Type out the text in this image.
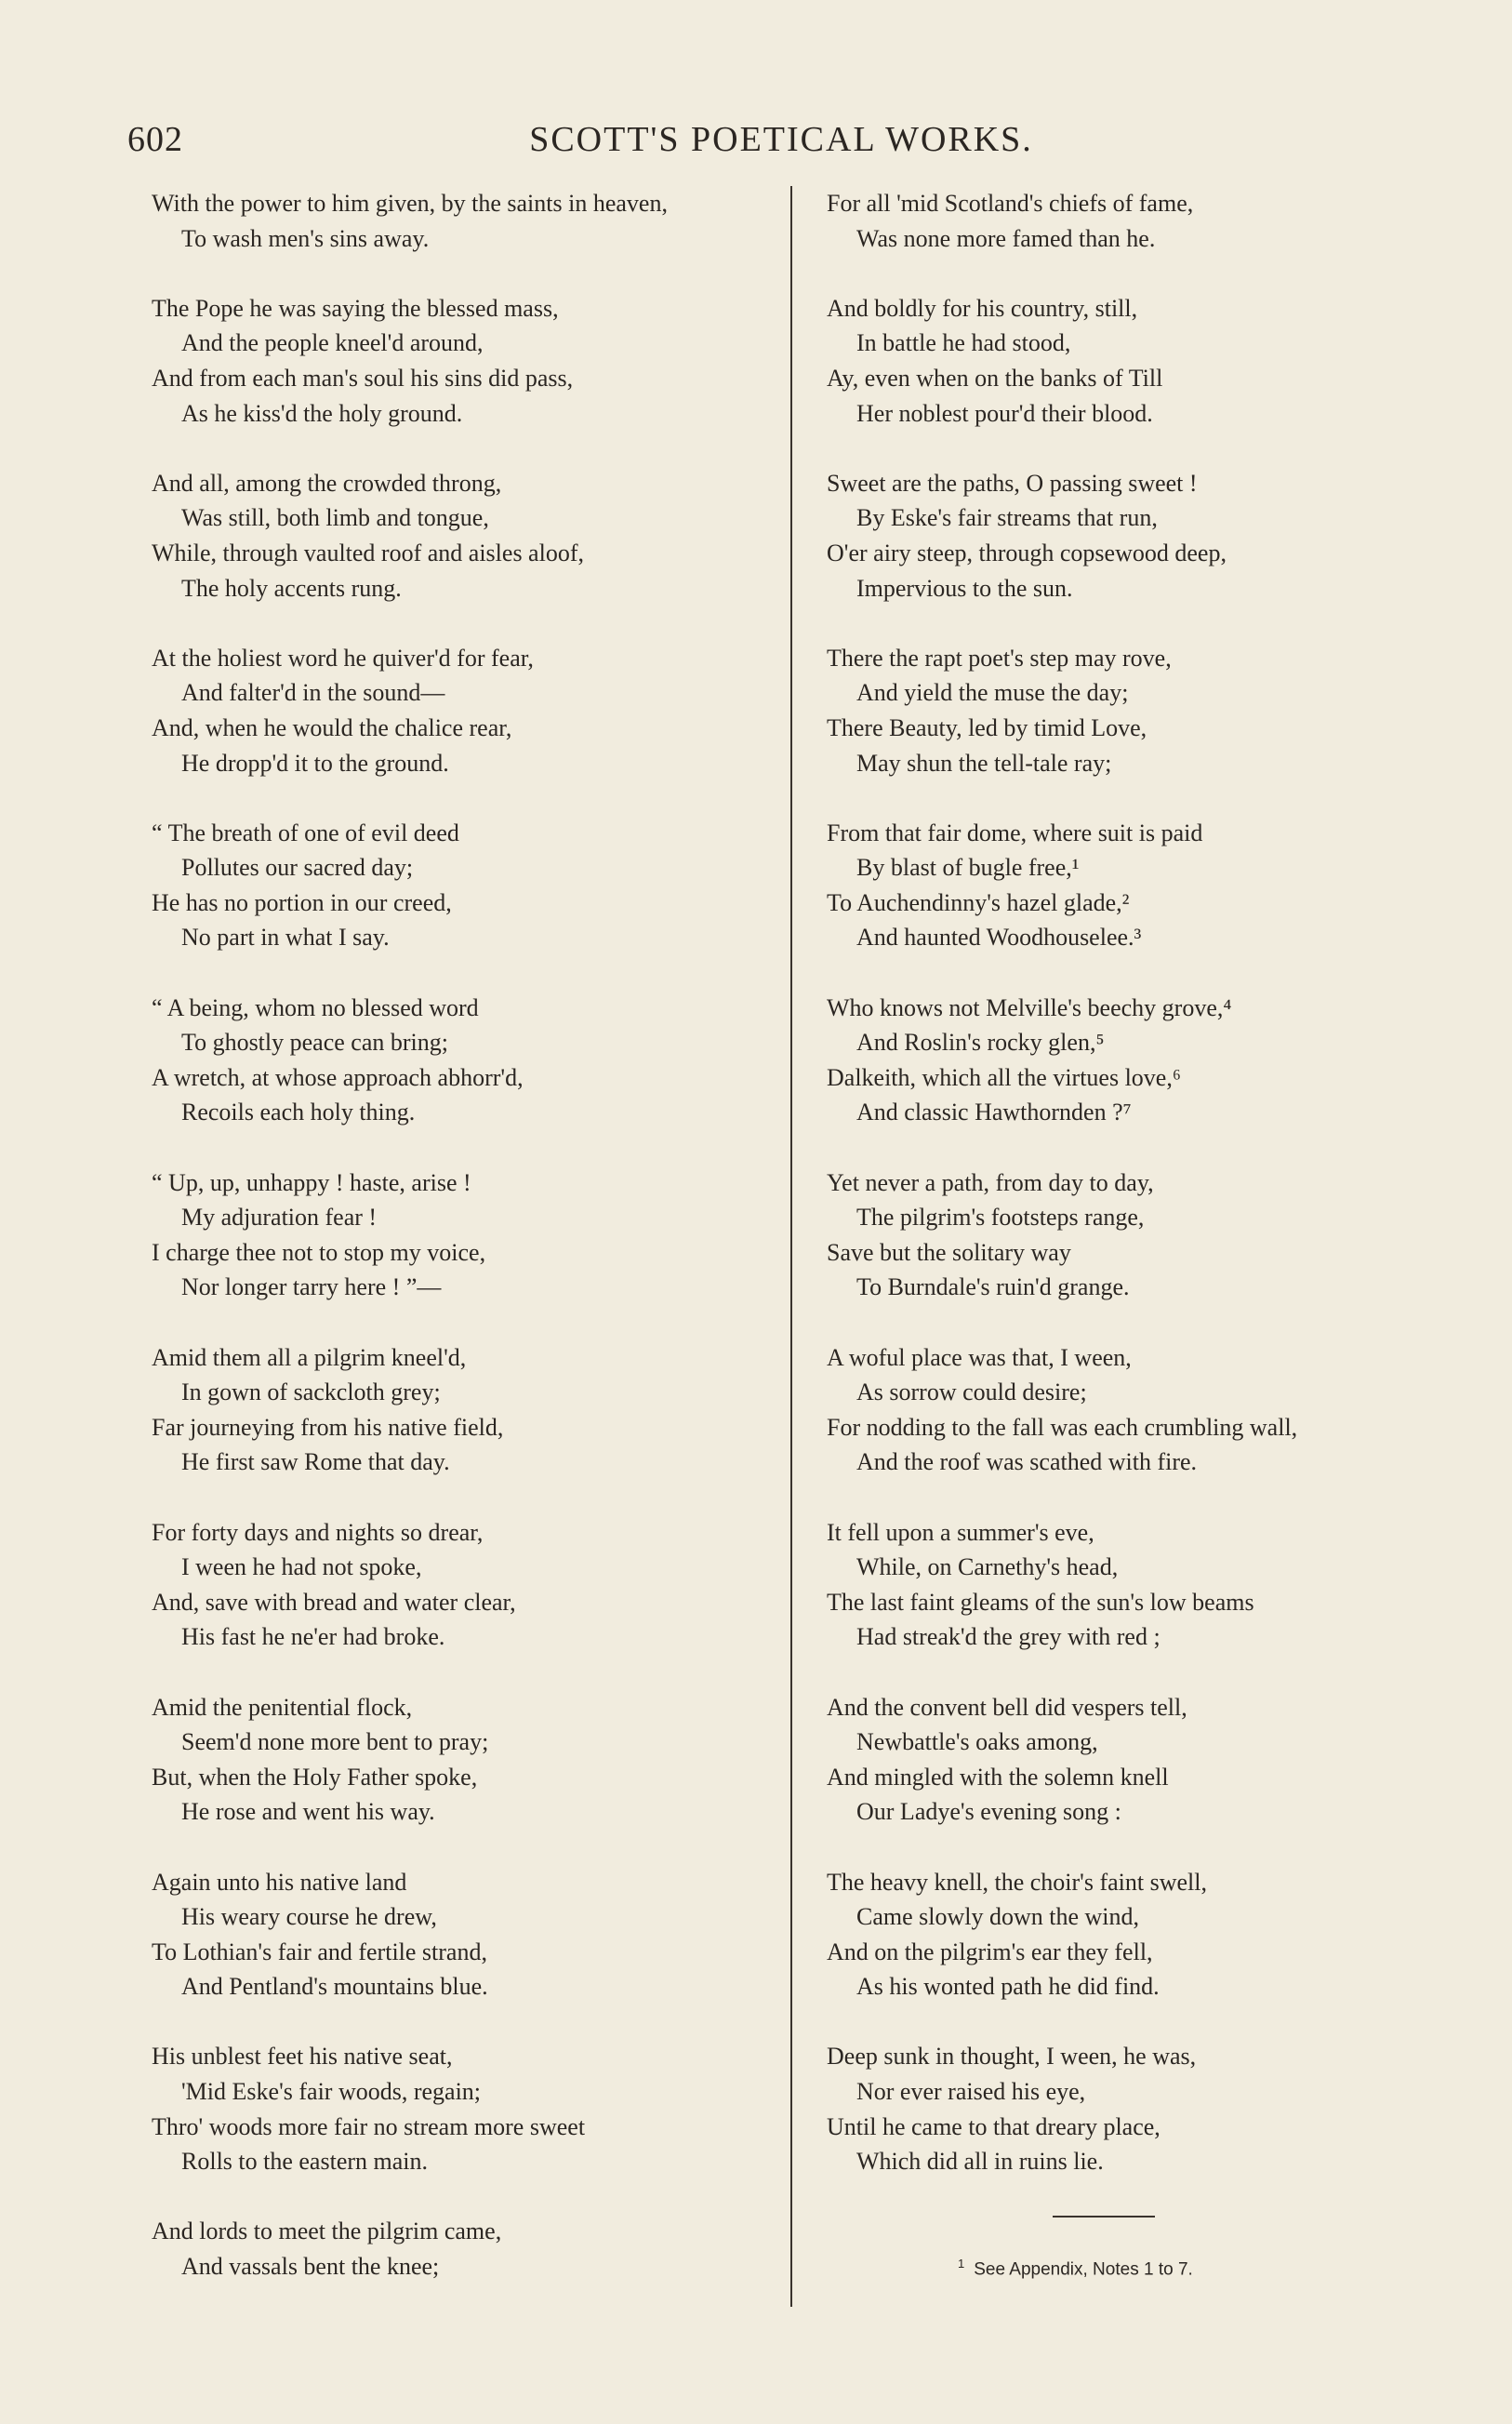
602	SCOTT'S POETICAL WORKS.
With the power to him given, by the saints in heaven,
To wash men's sins away.
The Pope he was saying the blessed mass,
And the people kneel'd around,
And from each man's soul his sins did pass,
As he kiss'd the holy ground.
And all, among the crowded throng,
Was still, both limb and tongue,
While, through vaulted roof and aisles aloof,
The holy accents rung.
At the holiest word he quiver'd for fear,
And falter'd in the sound—
And, when he would the chalice rear,
He dropp'd it to the ground.
“ The breath of one of evil deed
Pollutes our sacred day;
He has no portion in our creed,
No part in what I say.
“ A being, whom no blessed word
To ghostly peace can bring;
A wretch, at whose approach abhorr'd,
Recoils each holy thing.
“ Up, up, unhappy ! haste, arise !
My adjuration fear !
I charge thee not to stop my voice,
Nor longer tarry here ! ”—
Amid them all a pilgrim kneel'd,
In gown of sackcloth grey;
Far journeying from his native field,
He first saw Rome that day.
For forty days and nights so drear,
I ween he had not spoke,
And, save with bread and water clear,
His fast he ne'er had broke.
Amid the penitential flock,
Seem'd none more bent to pray;
But, when the Holy Father spoke,
He rose and went his way.
Again unto his native land
His weary course he drew,
To Lothian's fair and fertile strand,
And Pentland's mountains blue.
His unblest feet his native seat,
'Mid Eske's fair woods, regain;
Thro' woods more fair no stream more sweet
Rolls to the eastern main.
And lords to meet the pilgrim came,
And vassals bent the knee;
For all 'mid Scotland's chiefs of fame,
Was none more famed than he.
And boldly for his country, still,
In battle he had stood,
Ay, even when on the banks of Till
Her noblest pour'd their blood.
Sweet are the paths, O passing sweet !
By Eske's fair streams that run,
O'er airy steep, through copsewood deep,
Impervious to the sun.
There the rapt poet's step may rove,
And yield the muse the day;
There Beauty, led by timid Love,
May shun the tell-tale ray;
From that fair dome, where suit is paid
By blast of bugle free,¹
To Auchendinny's hazel glade,²
And haunted Woodhouselee.³
Who knows not Melville's beechy grove,⁴
And Roslin's rocky glen,⁵
Dalkeith, which all the virtues love,⁶
And classic Hawthornden ?⁷
Yet never a path, from day to day,
The pilgrim's footsteps range,
Save but the solitary way
To Burndale's ruin'd grange.
A woful place was that, I ween,
As sorrow could desire;
For nodding to the fall was each crumbling wall,
And the roof was scathed with fire.
It fell upon a summer's eve,
While, on Carnethy's head,
The last faint gleams of the sun's low beams
Had streak'd the grey with red ;
And the convent bell did vespers tell,
Newbattle's oaks among,
And mingled with the solemn knell
Our Ladye's evening song :
The heavy knell, the choir's faint swell,
Came slowly down the wind,
And on the pilgrim's ear they fell,
As his wonted path he did find.
Deep sunk in thought, I ween, he was,
Nor ever raised his eye,
Until he came to that dreary place,
Which did all in ruins lie.
$^1$ See Appendix, Notes 1 to 7.
